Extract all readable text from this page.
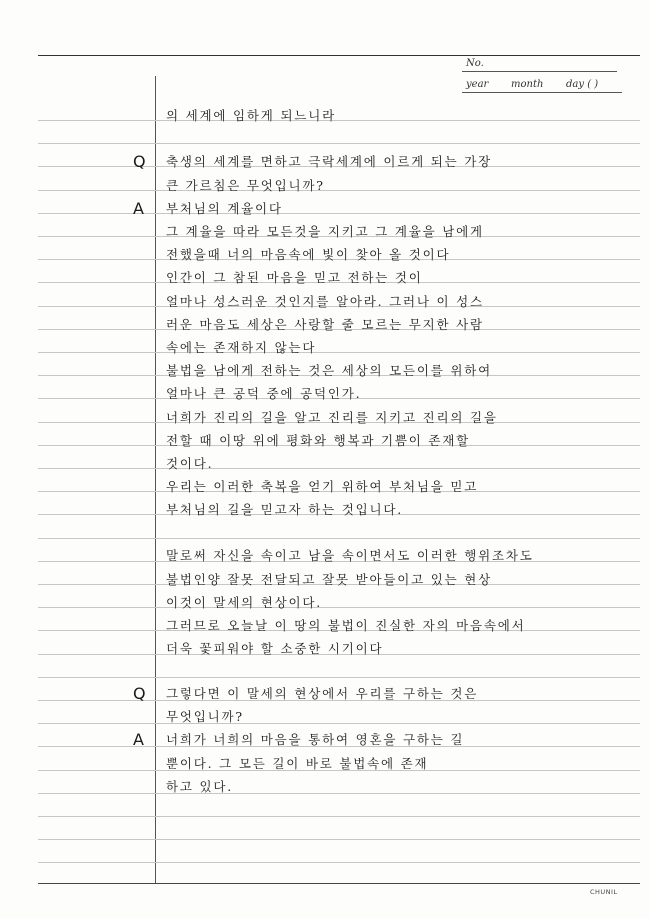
No.
year month day ( )
Q
A
Q
A
의 세계에 임하게 되느니라
축생의 세계를 면하고 극락세계에 이르게 되는 가장
큰 가르침은 무엇입니까?
부처님의 계율이다
그 계율을 따라 모든것을 지키고 그 계율을 남에게
전했을때 너의 마음속에 빛이 찾아 올 것이다
인간이 그 참된 마음을 믿고 전하는 것이
얼마나 성스러운 것인지를 알아라. 그러나 이 성스
러운 마음도 세상은 사랑할 줄 모르는 무지한 사람
속에는 존재하지 않는다
불법을 남에게 전하는 것은 세상의 모든이를 위하여
얼마나 큰 공덕 중에 공덕인가.
너희가 진리의 길을 알고 진리를 지키고 진리의 길을
전할 때 이땅 위에 평화와 행복과 기쁨이 존재할
것이다.
우리는 이러한 축복을 얻기 위하여 부처님을 믿고
부처님의 길을 믿고자 하는 것입니다.
말로써 자신을 속이고 남을 속이면서도 이러한 행위조차도
불법인양 잘못 전달되고 잘못 받아들이고 있는 현상
이것이 말세의 현상이다.
그러므로 오늘날 이 땅의 불법이 진실한 자의 마음속에서
더욱 꽃피워야 할 소중한 시기이다
그렇다면 이 말세의 현상에서 우리를 구하는 것은
무엇입니까?
너희가 너희의 마음을 통하여 영혼을 구하는 길
뿐이다. 그 모든 길이 바로 불법속에 존재
하고 있다.
CHUNIL
